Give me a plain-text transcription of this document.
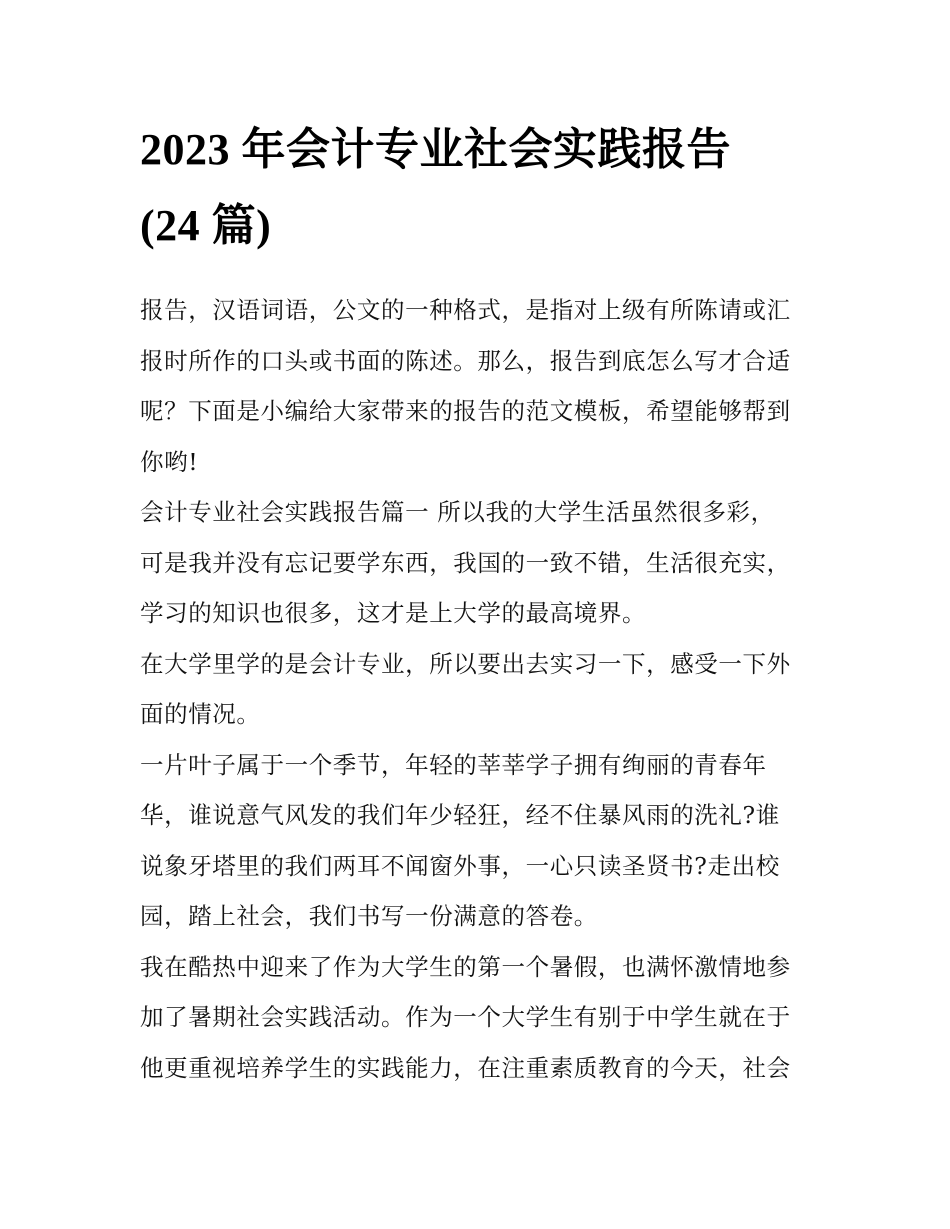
2023 年会计专业社会实践报告
(24 篇)

报告，汉语词语，公文的一种格式，是指对上级有所陈请或汇
报时所作的口头或书面的陈述。那么，报告到底怎么写才合适
呢？下面是小编给大家带来的报告的范文模板，希望能够帮到
你哟!

会计专业社会实践报告篇一 所以我的大学生活虽然很多彩，
可是我并没有忘记要学东西，我国的一致不错，生活很充实，
学习的知识也很多，这才是上大学的最高境界。

在大学里学的是会计专业，所以要出去实习一下，感受一下外
面的情况。

一片叶子属于一个季节，年轻的莘莘学子拥有绚丽的青春年
华，谁说意气风发的我们年少轻狂，经不住暴风雨的洗礼?谁
说象牙塔里的我们两耳不闻窗外事，一心只读圣贤书?走出校
园，踏上社会，我们书写一份满意的答卷。

我在酷热中迎来了作为大学生的第一个暑假，也满怀激情地参
加了暑期社会实践活动。作为一个大学生有别于中学生就在于
他更重视培养学生的实践能力，在注重素质教育的今天，社会
